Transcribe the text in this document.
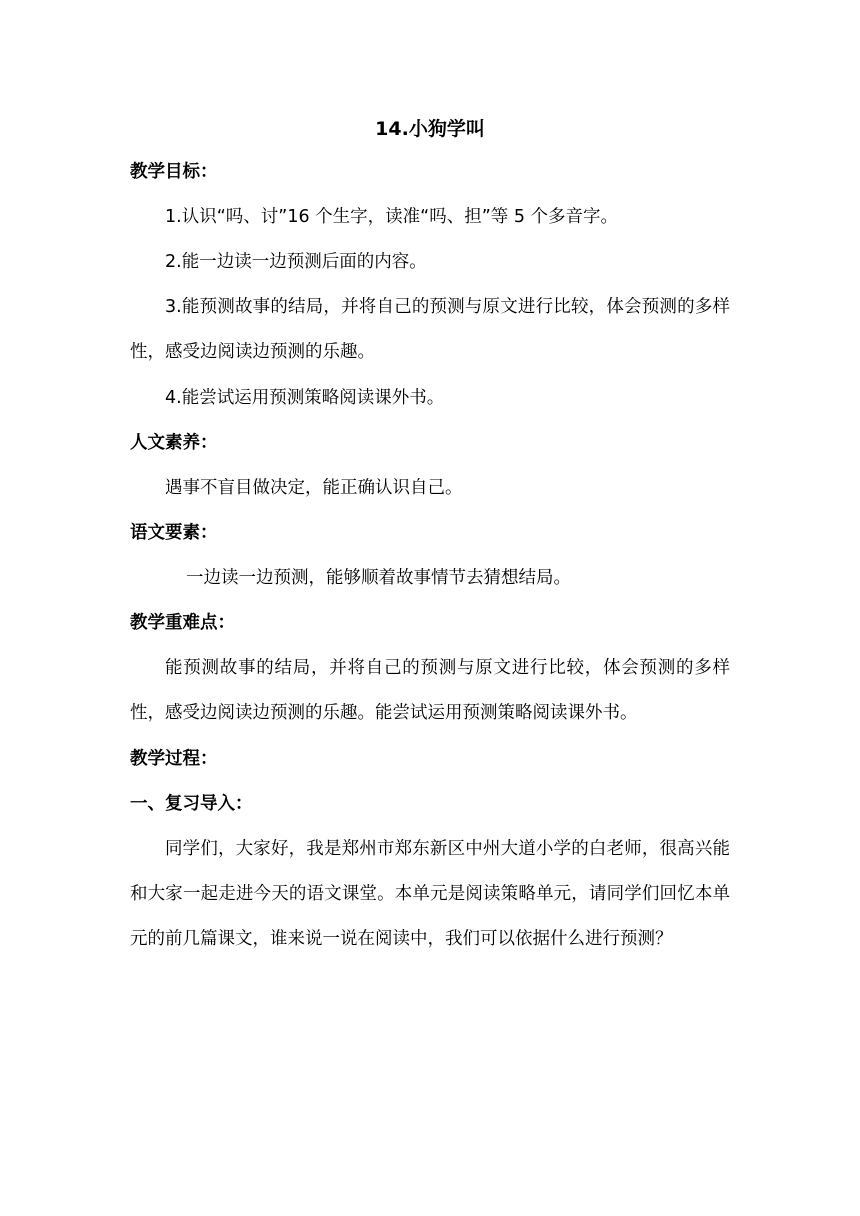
14.小狗学叫
教学目标：
1.认识“吗、讨”16 个生字，读准“吗、担”等 5 个多音字。
2.能一边读一边预测后面的内容。
3.能预测故事的结局，并将自己的预测与原文进行比较，体会预测的多样性，感受边阅读边预测的乐趣。
4.能尝试运用预测策略阅读课外书。
人文素养：
遇事不盲目做决定，能正确认识自己。
语文要素：
一边读一边预测，能够顺着故事情节去猜想结局。
教学重难点：
能预测故事的结局，并将自己的预测与原文进行比较，体会预测的多样性，感受边阅读边预测的乐趣。能尝试运用预测策略阅读课外书。
教学过程：
一、复习导入：
同学们，大家好，我是郑州市郑东新区中州大道小学的白老师，很高兴能和大家一起走进今天的语文课堂。本单元是阅读策略单元，请同学们回忆本单元的前几篇课文，谁来说一说在阅读中，我们可以依据什么进行预测？
